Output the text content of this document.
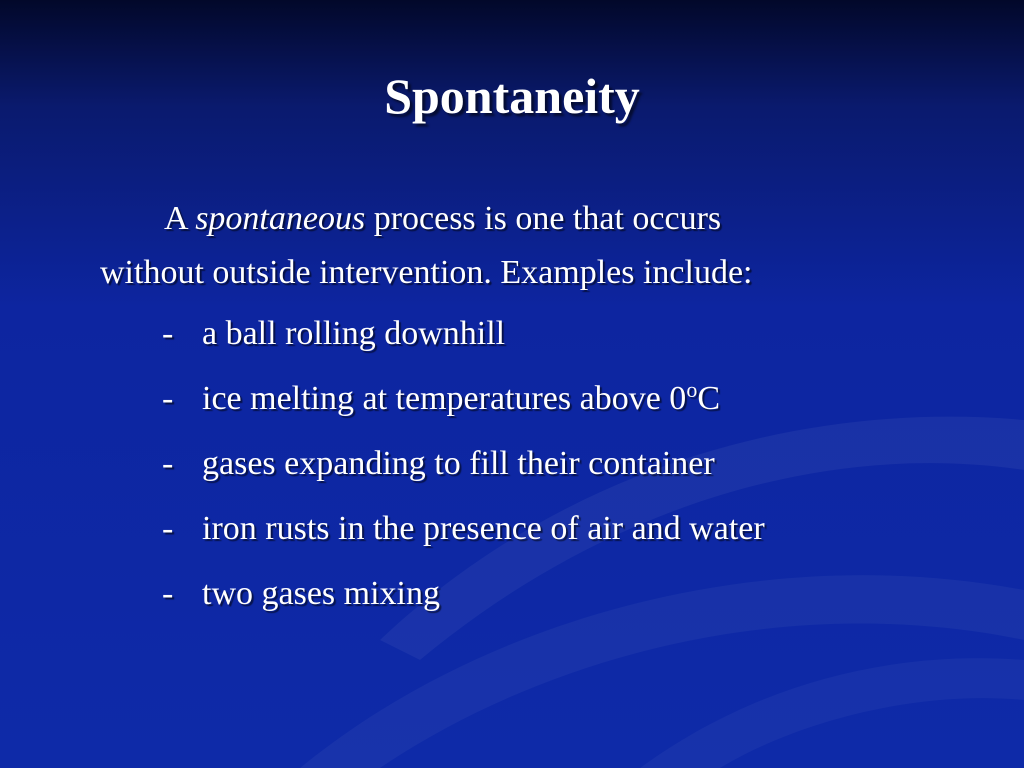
Spontaneity
A spontaneous process is one that occurs
without outside intervention. Examples include:
- a ball rolling downhill
- ice melting at temperatures above 0$^o$C
- gases expanding to fill their container
- iron rusts in the presence of air and water
- two gases mixing
